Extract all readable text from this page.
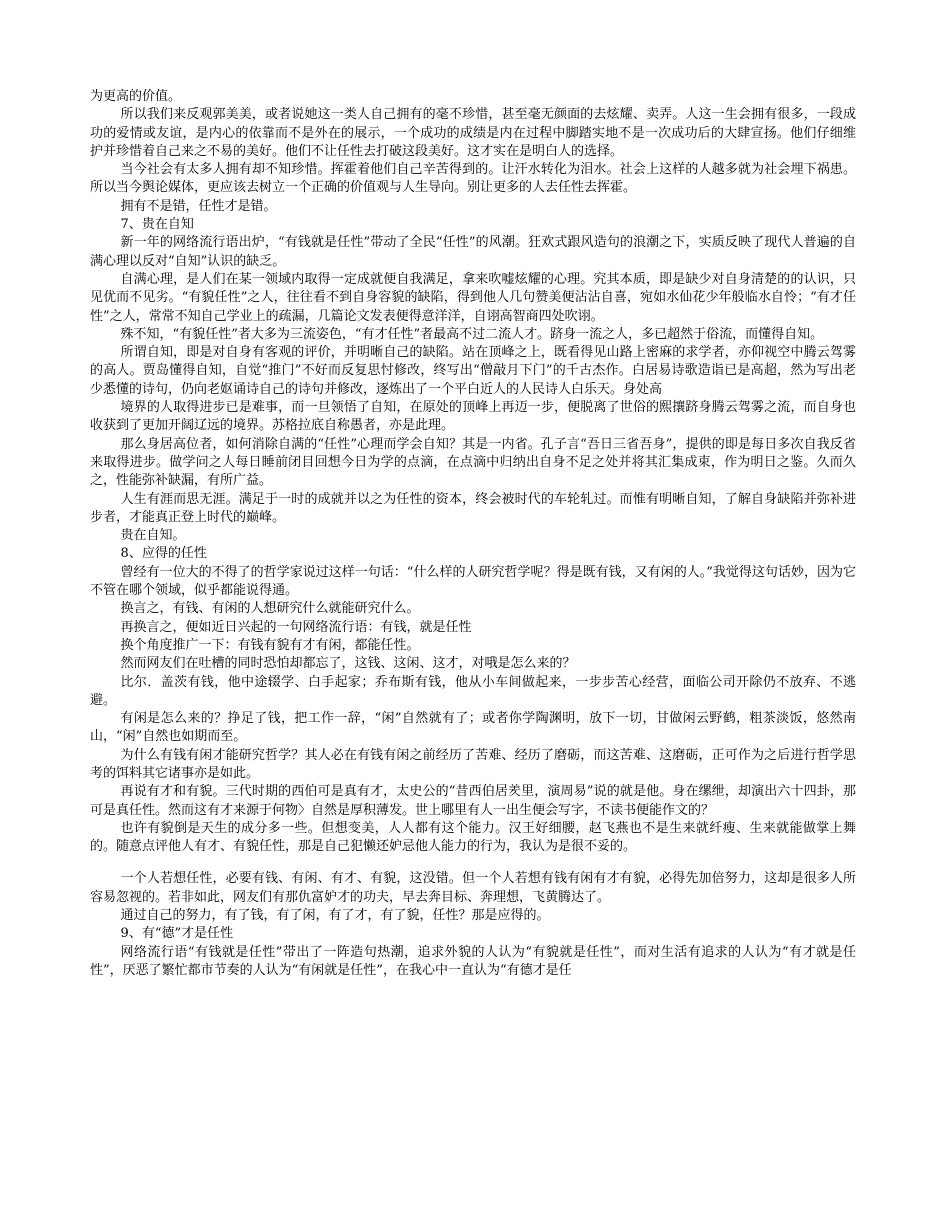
为更高的价值。

所以我们来反观郭美美，或者说她这一类人自己拥有的毫不珍惜，甚至毫无颜面的去炫耀、卖弄。人这一生会拥有很多，一段成功的爱情或友谊，是内心的依靠而不是外在的展示，一个成功的成绩是内在过程中脚踏实地不是一次成功后的大肆宣扬。他们仔细维护并珍惜着自己来之不易的美好。他们不让任性去打破这段美好。这才实在是明白人的选择。

当今社会有太多人拥有却不知珍惜。挥霍着他们自己辛苦得到的。让汗水转化为泪水。社会上这样的人越多就为社会埋下祸患。所以当今舆论媒体，更应该去树立一个正确的价值观与人生导向。别让更多的人去任性去挥霍。

拥有不是错，任性才是错。

7、贵在自知

新一年的网络流行语出炉，“有钱就是任性”带动了全民“任性”的风潮。狂欢式跟风造句的浪潮之下，实质反映了现代人普遍的自满心理以反对“自知”认识的缺乏。

自满心理，是人们在某一领域内取得一定成就便自我满足，拿来吹嘘炫耀的心理。究其本质，即是缺少对自身清楚的的认识，只见优而不见劣。“有貌任性”之人，往往看不到自身容貌的缺陷，得到他人几句赞美便沾沾自喜，宛如水仙花少年般临水自怜；“有才任性”之人，常常不知自己学业上的疏漏，几篇论文发表便得意洋洋，自诩高智商四处吹诩。

殊不知，“有貌任性”者大多为三流姿色，“有才任性”者最高不过二流人才。跻身一流之人，多已超然于俗流，而懂得自知。

所谓自知，即是对自身有客观的评价，并明晰自己的缺陷。站在顶峰之上，既看得见山路上密麻的求学者，亦仰视空中腾云驾雾的高人。贾岛懂得自知，自觉“推门”不好而反复思忖修改，终写出“僧敲月下门”的千古杰作。白居易诗歌造诣已是高超，然为写出老少悉懂的诗句，仍向老妪诵诗自己的诗句并修改，逐炼出了一个平白近人的人民诗人白乐天。身处高

境界的人取得进步已是难事，而一旦领悟了自知，在原处的顶峰上再迈一步，便脱离了世俗的熙攘跻身腾云驾雾之流，而自身也收获到了更加开阔辽远的境界。苏格拉底自称愚者，亦是此理。

那么身居高位者，如何消除自满的“任性”心理而学会自知？其是一内省。孔子言“吾日三省吾身”，提供的即是每日多次自我反省来取得进步。做学问之人每日睡前闭目回想今日为学的点滴，在点滴中归纳出自身不足之处并将其汇集成束，作为明日之鉴。久而久之，性能弥补缺漏，有所广益。

人生有涯而思无涯。满足于一时的成就并以之为任性的资本，终会被时代的车轮轧过。而惟有明晰自知，了解自身缺陷并弥补进步者，才能真正登上时代的巅峰。

贵在自知。

8、应得的任性

曾经有一位大的不得了的哲学家说过这样一句话：“什么样的人研究哲学呢？得是既有钱，又有闲的人。”我觉得这句话妙，因为它不管在哪个领域，似乎都能说得通。

换言之，有钱、有闲的人想研究什么就能研究什么。

再换言之，便如近日兴起的一句网络流行语：有钱，就是任性

换个角度推广一下：有钱有貌有才有闲，都能任性。

然而网友们在吐槽的同时恐怕却都忘了，这钱、这闲、这才，对哦是怎么来的？

比尔．盖茨有钱，他中途辍学、白手起家；乔布斯有钱，他从小车间做起来，一步步苦心经营，面临公司开除仍不放弃、不逃避。

有闲是怎么来的？挣足了钱，把工作一辞，“闲”自然就有了；或者你学陶渊明，放下一切，甘做闲云野鹤，粗茶淡饭，悠然南山，“闲”自然也如期而至。

为什么有钱有闲才能研究哲学？其人必在有钱有闲之前经历了苦难、经历了磨砺，而这苦难、这磨砺，正可作为之后进行哲学思考的饵料其它诸事亦是如此。

再说有才和有貌。三代时期的西伯可是真有才，太史公的“昔西伯居羑里，演周易”说的就是他。身在缧绁，却演出六十四卦，那可是真任性。然而这有才来源于何物〉自然是厚积薄发。世上哪里有人一出生便会写字，不读书便能作文的？

也许有貌倒是天生的成分多一些。但想变美，人人都有这个能力。汉王好细腰，赵飞燕也不是生来就纤瘦、生来就能做掌上舞的。随意点评他人有才、有貌任性，那是自己犯懒还妒忌他人能力的行为，我认为是很不妥的。

一个人若想任性，必要有钱、有闲、有才、有貌，这没错。但一个人若想有钱有闲有才有貌，必得先加倍努力，这却是很多人所容易忽视的。若非如此，网友们有那仇富妒才的功夫，早去奔目标、奔理想，飞黄腾达了。

通过自己的努力，有了钱，有了闲，有了才，有了貌，任性？那是应得的。

9、有“德”才是任性

网络流行语“有钱就是任性”带出了一阵造句热潮，追求外貌的人认为“有貌就是任性”，而对生活有追求的人认为“有才就是任性”，厌恶了繁忙都市节奏的人认为“有闲就是任性”，在我心中一直认为“有德才是任
